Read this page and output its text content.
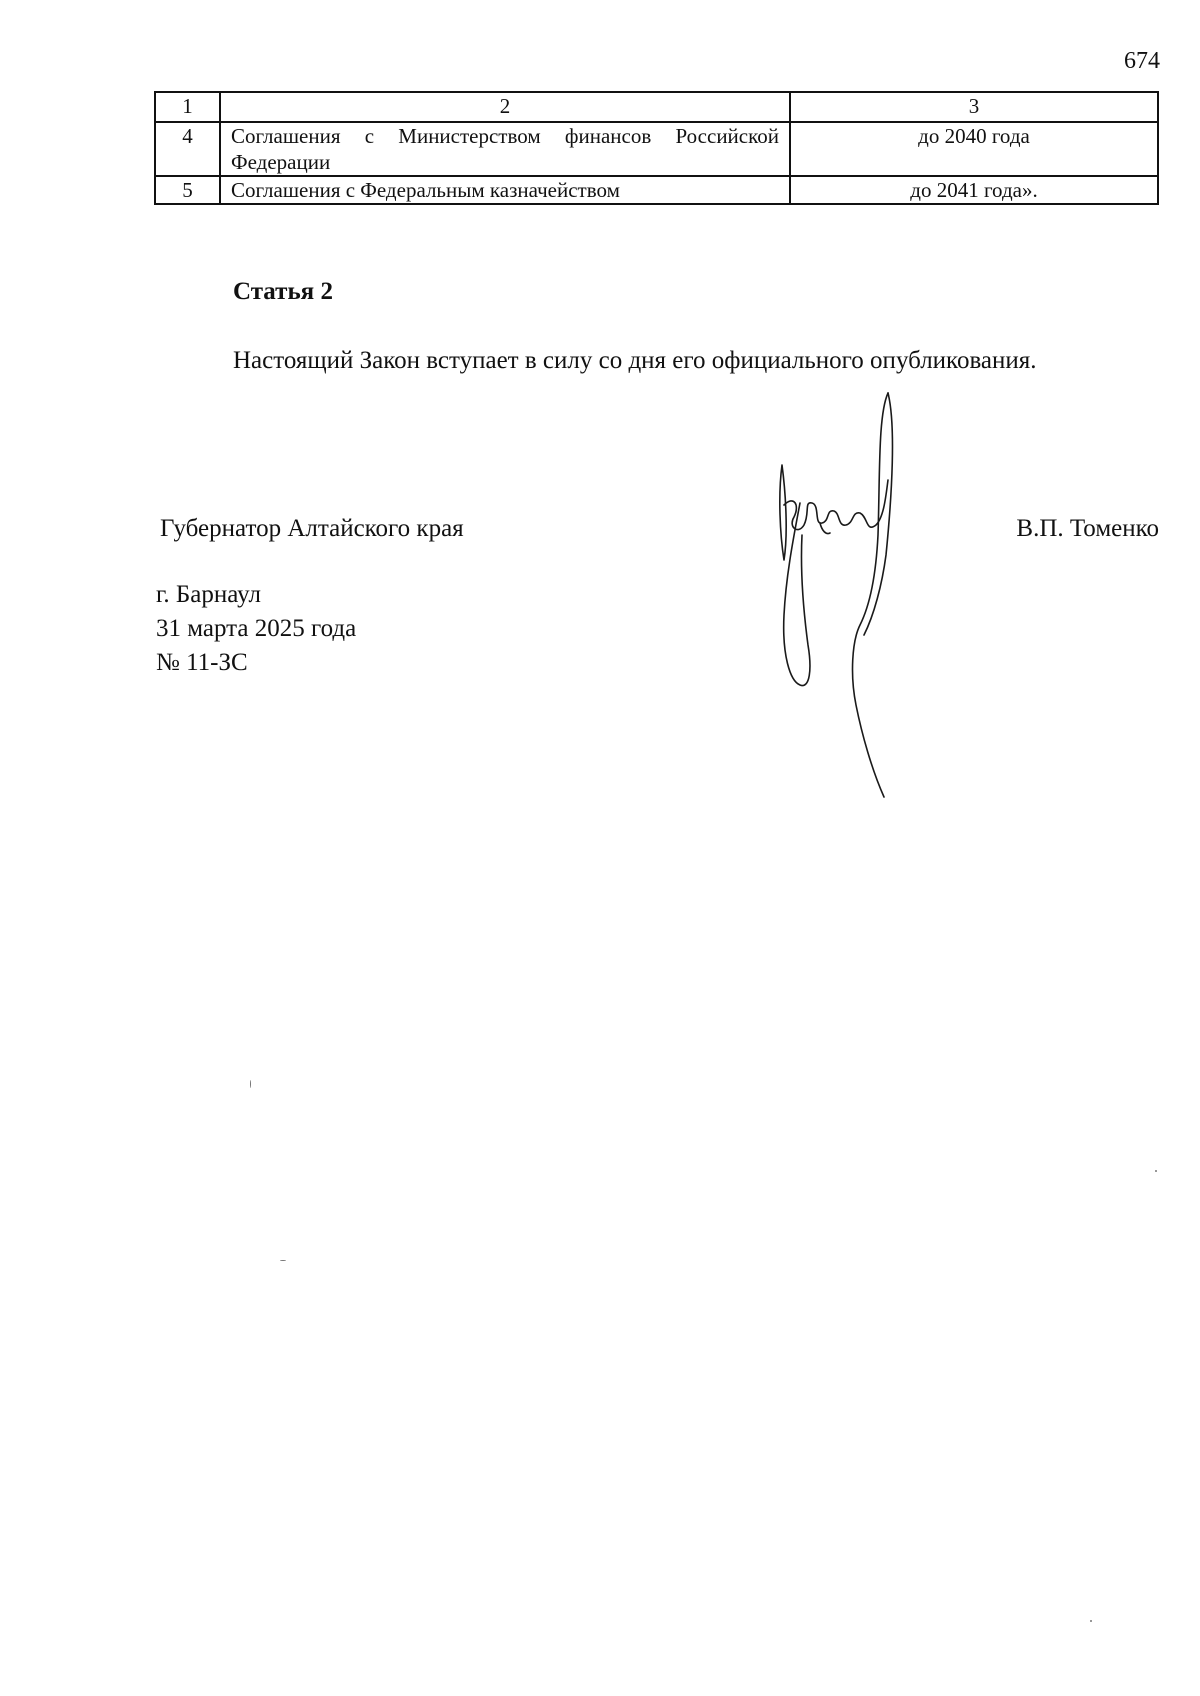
674
1	2	3
4	Соглашения с Министерством финансов Российской Федерации	до 2040 года
5	Соглашения с Федеральным казначейством	до 2041 года».
Статья 2

Настоящий Закон вступает в силу со дня его официального опубликования.

Губернатор Алтайского края	В.П. Томенко
г. Барнаул
31 марта 2025 года
№ 11-ЗС
